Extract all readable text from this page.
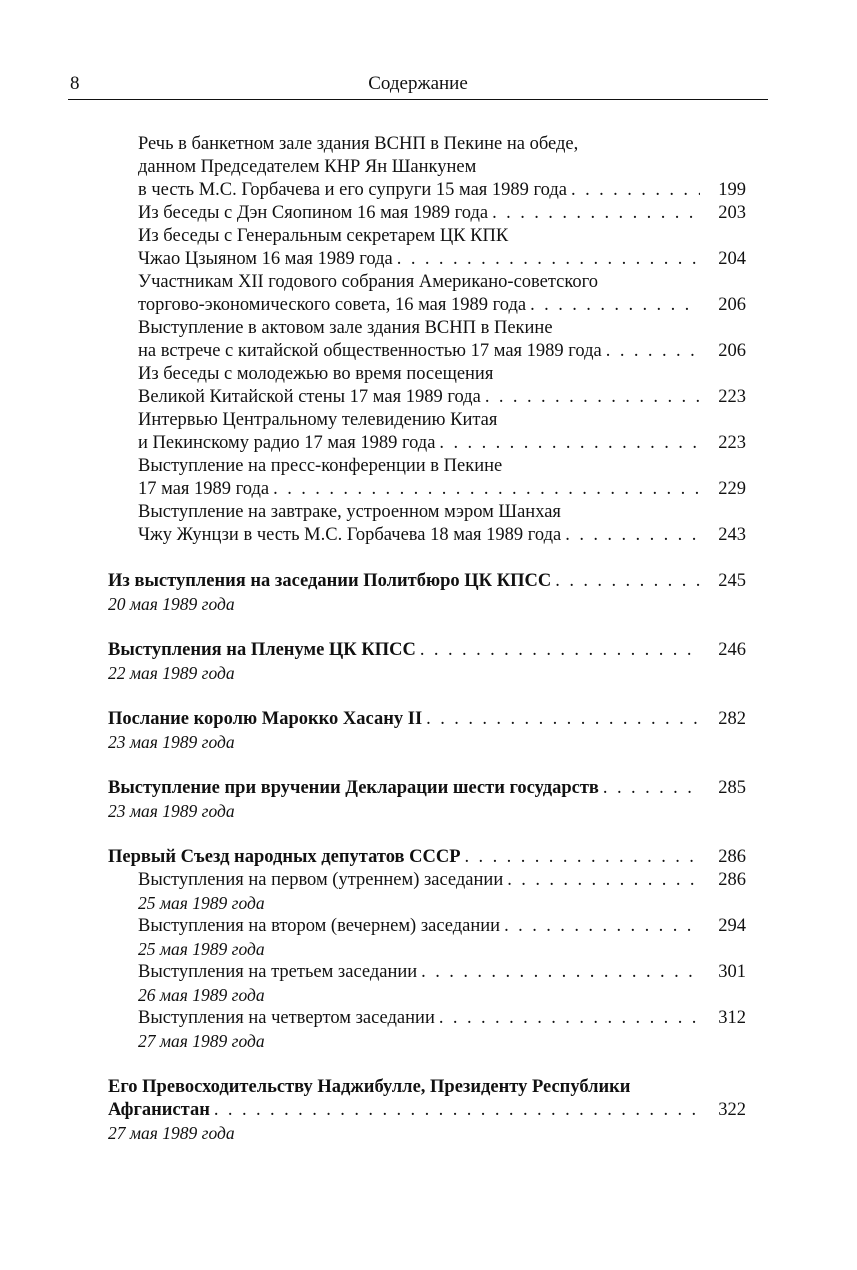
8	Содержание
Речь в банкетном зале здания ВСНП в Пекине на обеде,
данном Председателем КНР Ян Шанкунем
в честь М.С. Горбачева и его супруги 15 мая 1989 года . . .	199
Из беседы с Дэн Сяопином 16 мая 1989 года . . .	203
Из беседы с Генеральным секретарем ЦК КПК
Чжао Цзыяном 16 мая 1989 года . . .	204
Участникам XII годового собрания Американо-советского
торгово-экономического совета, 16 мая 1989 года . . .	206
Выступление в актовом зале здания ВСНП в Пекине
на встрече с китайской общественностью 17 мая 1989 года . . .	206
Из беседы с молодежью во время посещения
Великой Китайской стены 17 мая 1989 года . . .	223
Интервью Центральному телевидению Китая
и Пекинскому радио 17 мая 1989 года . . .	223
Выступление на пресс-конференции в Пекине
17 мая 1989 года . . .	229
Выступление на завтраке, устроенном мэром Шанхая
Чжу Жунцзи в честь М.С. Горбачева 18 мая 1989 года . . .	243
Из выступления на заседании Политбюро ЦК КПСС . . .	245
20 мая 1989 года
Выступления на Пленуме ЦК КПСС . . .	246
22 мая 1989 года
Послание королю Марокко Хасану II . . .	282
23 мая 1989 года
Выступление при вручении Декларации шести государств . . .	285
23 мая 1989 года
Первый Съезд народных депутатов СССР . . .	286
Выступления на первом (утреннем) заседании . . .	286
25 мая 1989 года
Выступления на втором (вечернем) заседании . . .	294
25 мая 1989 года
Выступления на третьем заседании . . .	301
26 мая 1989 года
Выступления на четвертом заседании . . .	312
27 мая 1989 года
Его Превосходительству Наджибулле, Президенту Республики
Афганистан . . .	322
27 мая 1989 года
